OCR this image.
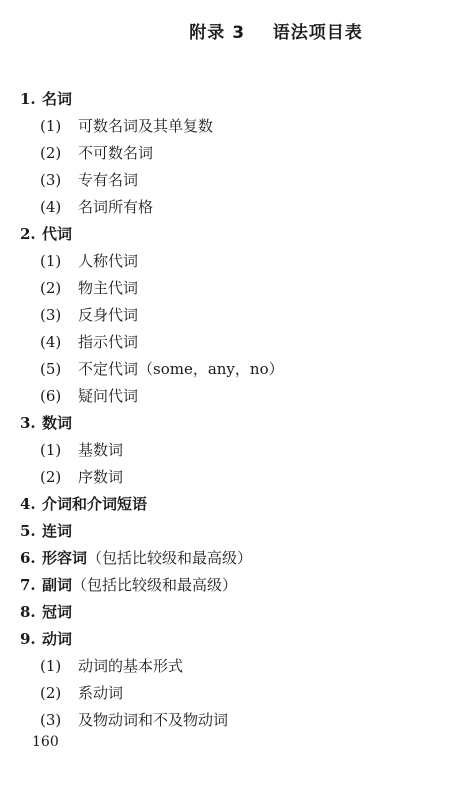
附录 3    语法项目表
1. 名词
(1) 可数名词及其单复数
(2) 不可数名词
(3) 专有名词
(4) 名词所有格
2. 代词
(1) 人称代词
(2) 物主代词
(3) 反身代词
(4) 指示代词
(5) 不定代词（some，any，no）
(6) 疑问代词
3. 数词
(1) 基数词
(2) 序数词
4. 介词和介词短语
5. 连词
6. 形容词（包括比较级和最高级）
7. 副词（包括比较级和最高级）
8. 冠词
9. 动词
(1) 动词的基本形式
(2) 系动词
(3) 及物动词和不及物动词
160
